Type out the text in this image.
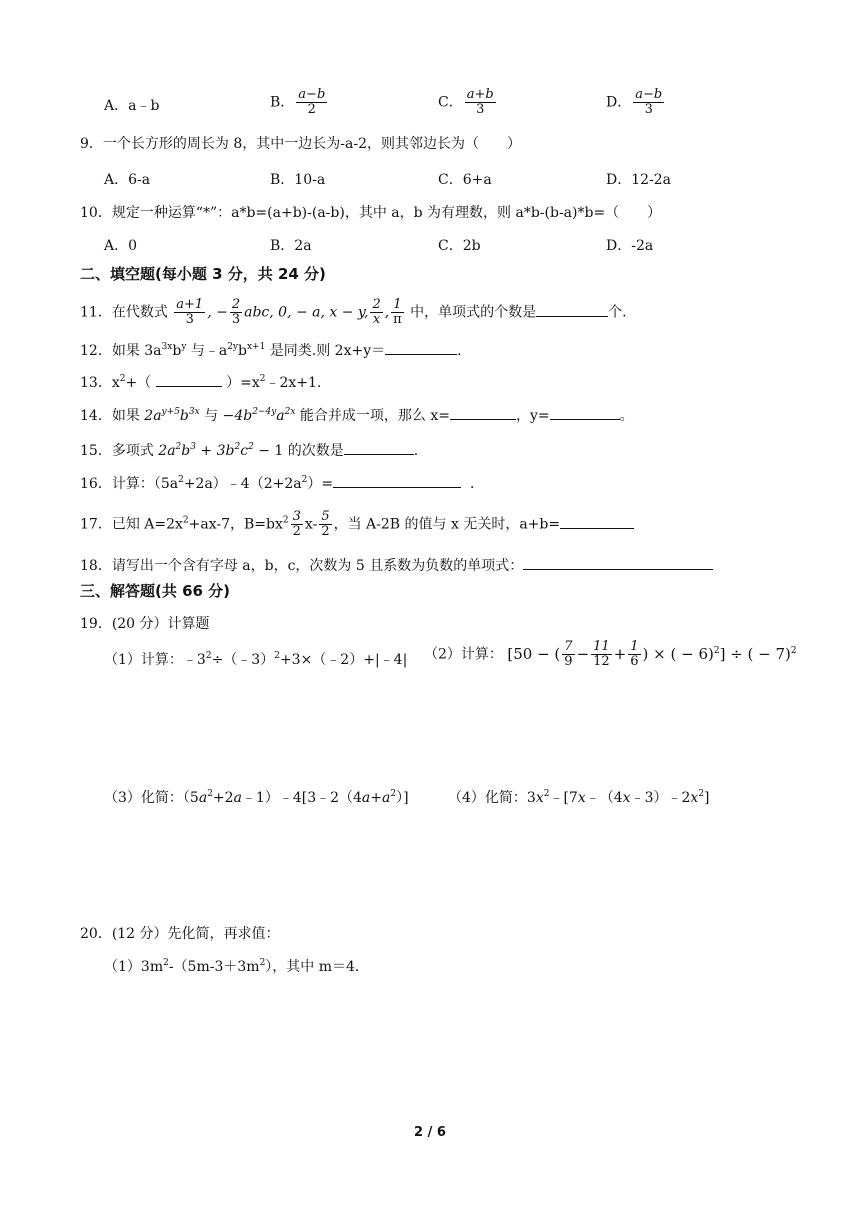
A．a﹣b	B． $\frac{a-b}{2}$	C． $\frac{a+b}{3}$	D． $\frac{a-b}{3}$
9．一个长方形的周长为 8，其中一边长为-a-2，则其邻边长为（　　）
A．6-a	B．10-a	C．6+a	D．12-2a
10．规定一种运算“*”：a*b=(a+b)-(a-b)，其中 a，b 为有理数，则 a*b-(b-a)*b=（　　）
A．0	B．2a	C．2b	D．-2a
二、填空题(每小题 3 分，共 24 分)
11．在代数式 $\frac{a+1}{3}$ , − $\frac{2}{3}$ abc, 0, − a, x − y, $\frac{2}{x}$ , $\frac{1}{\pi}$ 中，单项式的个数是	个.
12．如果 $3a^{3x}b^y$ 与$﹣a^{2y}b^{x+1}$ 是同类.则 2x+y＝	.
13．$x^2+$（	）$=x^2﹣2x+1$.
14．如果 $2a^{y+5}b^{3x}$ 与 $-4b^{2-4y}a^{2x}$ 能合并成一项，那么 x=	，y=	。
15．多项式 $2a^2b^3 + 3b^2c^2 - 1$ 的次数是	.
16．计算：$(5a^2+2a)﹣4(2+2a^2)=$	．
17．已知 $A=2x^2+ax-7$，$B=bx^2 \frac{3}{2} x- \frac{5}{2}$ ，当 A-2B 的值与 x 无关时，a+b=
18．请写出一个含有字母 a，b，c，次数为 5 且系数为负数的单项式：
三、解答题(共 66 分)
19．(20 分）计算题
（1）计算：$﹣3^2\div(﹣3)^2+3\times(﹣2)+|﹣4|$ （2）计算： [50 − ( $\frac{7}{9} - \frac{11}{12} + \frac{1}{6}$ ) × ( − 6)$^2$] ÷ ( − 7)$^2$
（3）化简：$(5a^2+2a﹣1)﹣4[3﹣2(4a+a^2)]$	（4）化简：$3x^2﹣[7x﹣(4x﹣3)﹣2x^2]$
20．(12 分）先化简，再求值：
$(1)3m^2-(5m-3+3m^2)$，其中 m＝4.
2 / 6
